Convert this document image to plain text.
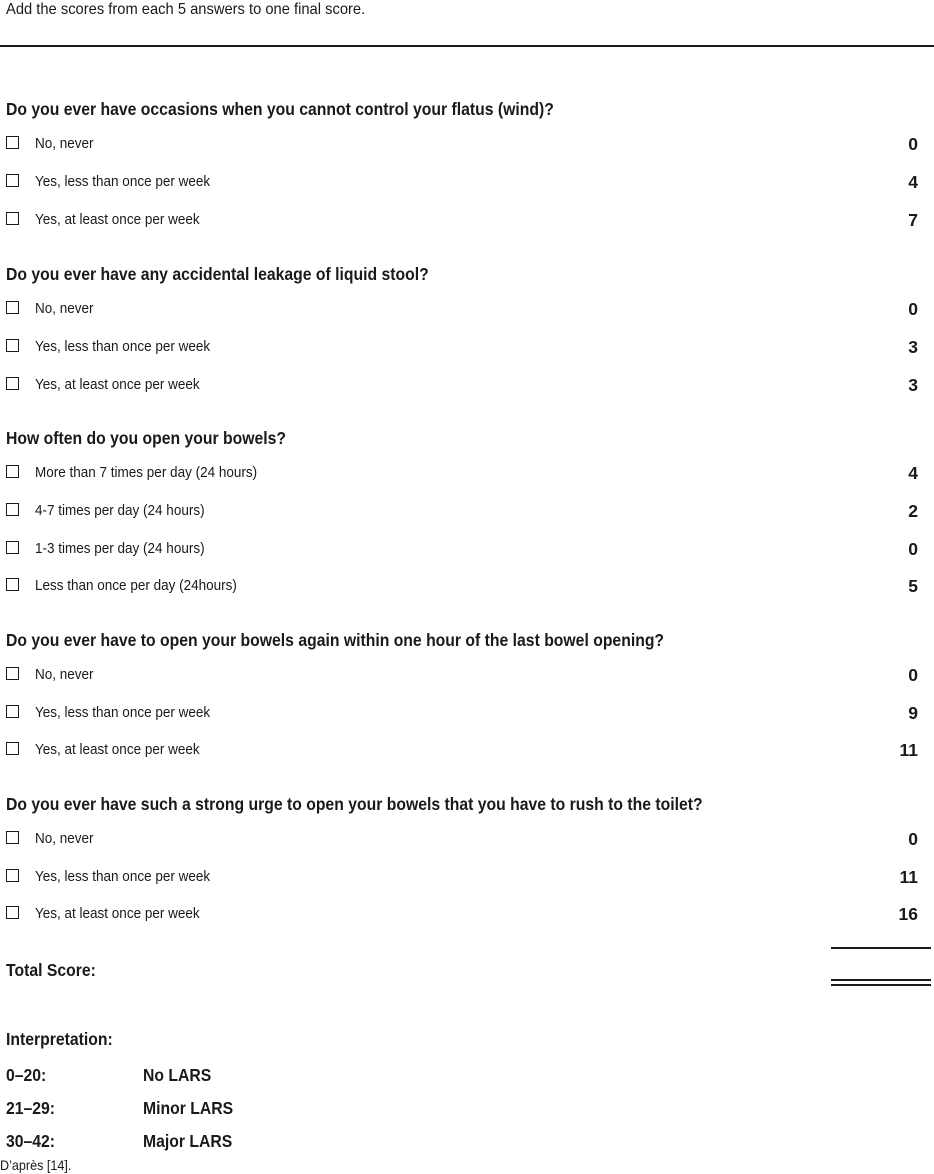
Add the scores from each 5 answers to one final score.
Do you ever have occasions when you cannot control your flatus (wind)?
No, never	0
Yes, less than once per week	4
Yes, at least once per week	7
Do you ever have any accidental leakage of liquid stool?
No, never	0
Yes, less than once per week	3
Yes, at least once per week	3
How often do you open your bowels?
More than 7 times per day (24 hours)	4
4-7 times per day (24 hours)	2
1-3 times per day (24 hours)	0
Less than once per day (24hours)	5
Do you ever have to open your bowels again within one hour of the last bowel opening?
No, never	0
Yes, less than once per week	9
Yes, at least once per week	11
Do you ever have such a strong urge to open your bowels that you have to rush to the toilet?
No, never	0
Yes, less than once per week	11
Yes, at least once per week	16
Total Score:
Interpretation:
0–20:	No LARS
21–29:	Minor LARS
30–42:	Major LARS
D’après [14].
